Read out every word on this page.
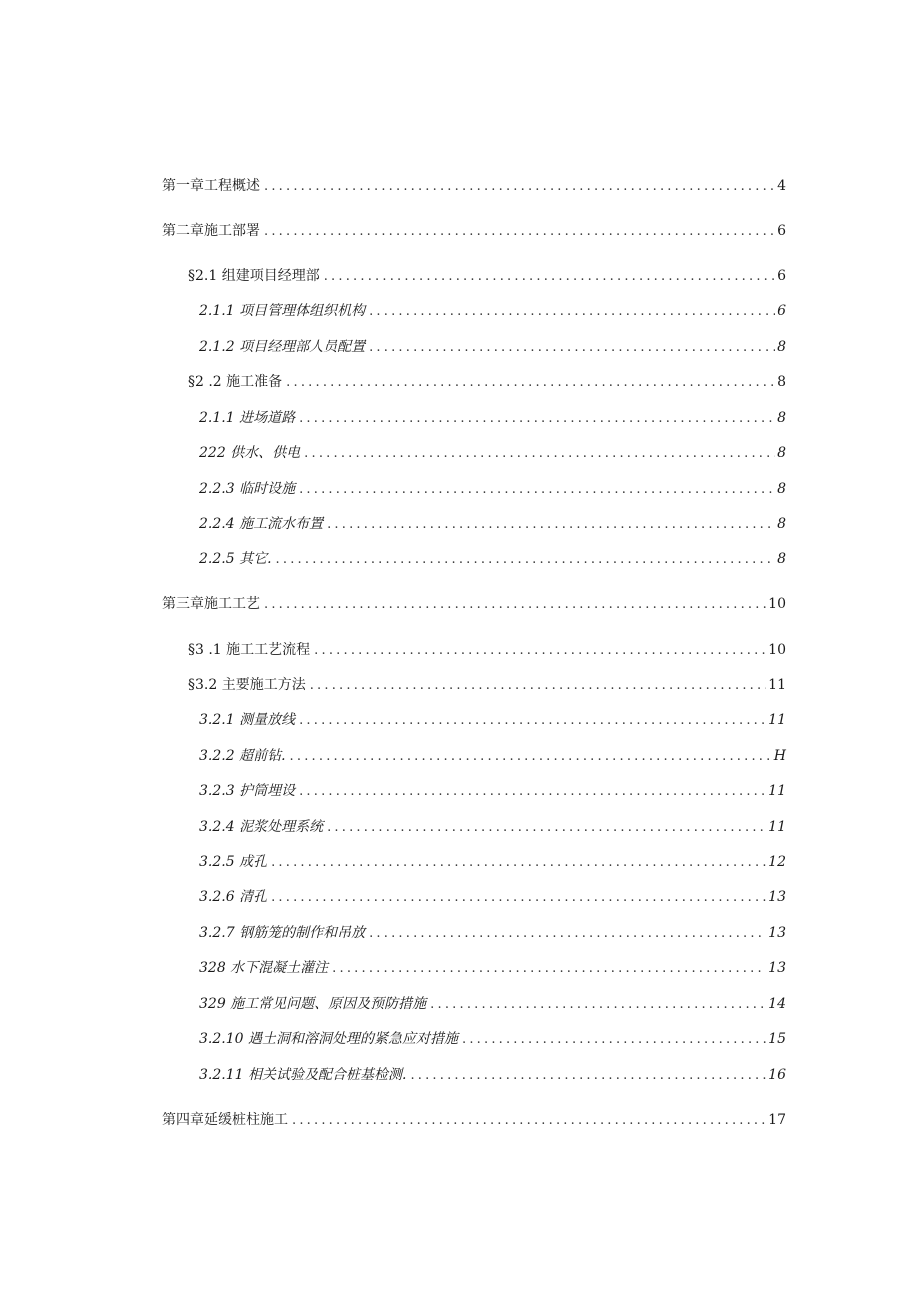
第一章工程概述 .....	4
第二章施工部署 .....	6
§2.1 组建项目经理部 .....	6
2.1.1 项目管理体组织机构 .....	6
2.1.2 项目经理部人员配置 .....	8
§2 .2 施工准备 .....	8
2.1.1 进场道路 .....	8
222 供水、供电 .....	8
2.2.3 临时设施 .....	8
2.2.4 施工流水布置 .....	8
2.2.5 其它. .....	8
第三章施工工艺 .....	10
§3 .1 施工工艺流程 .....	10
§3.2 主要施工方法 .....	11
3.2.1 测量放线 .....	11
3.2.2 超前钻. .....	H
3.2.3 护筒埋设 .....	11
3.2.4 泥浆处理系统 .....	11
3.2.5 成孔 .....	12
3.2.6 清孔 .....	13
3.2.7 钢筋笼的制作和吊放 .....	13
328 水下混凝土灌注 .....	13
329 施工常见问题、原因及预防措施 .....	14
3.2.10 遇土洞和溶洞处理的紧急应对措施 .....	15
3.2.11 相关试验及配合桩基检测. .....	16
第四章延缓桩柱施工 .....	17
